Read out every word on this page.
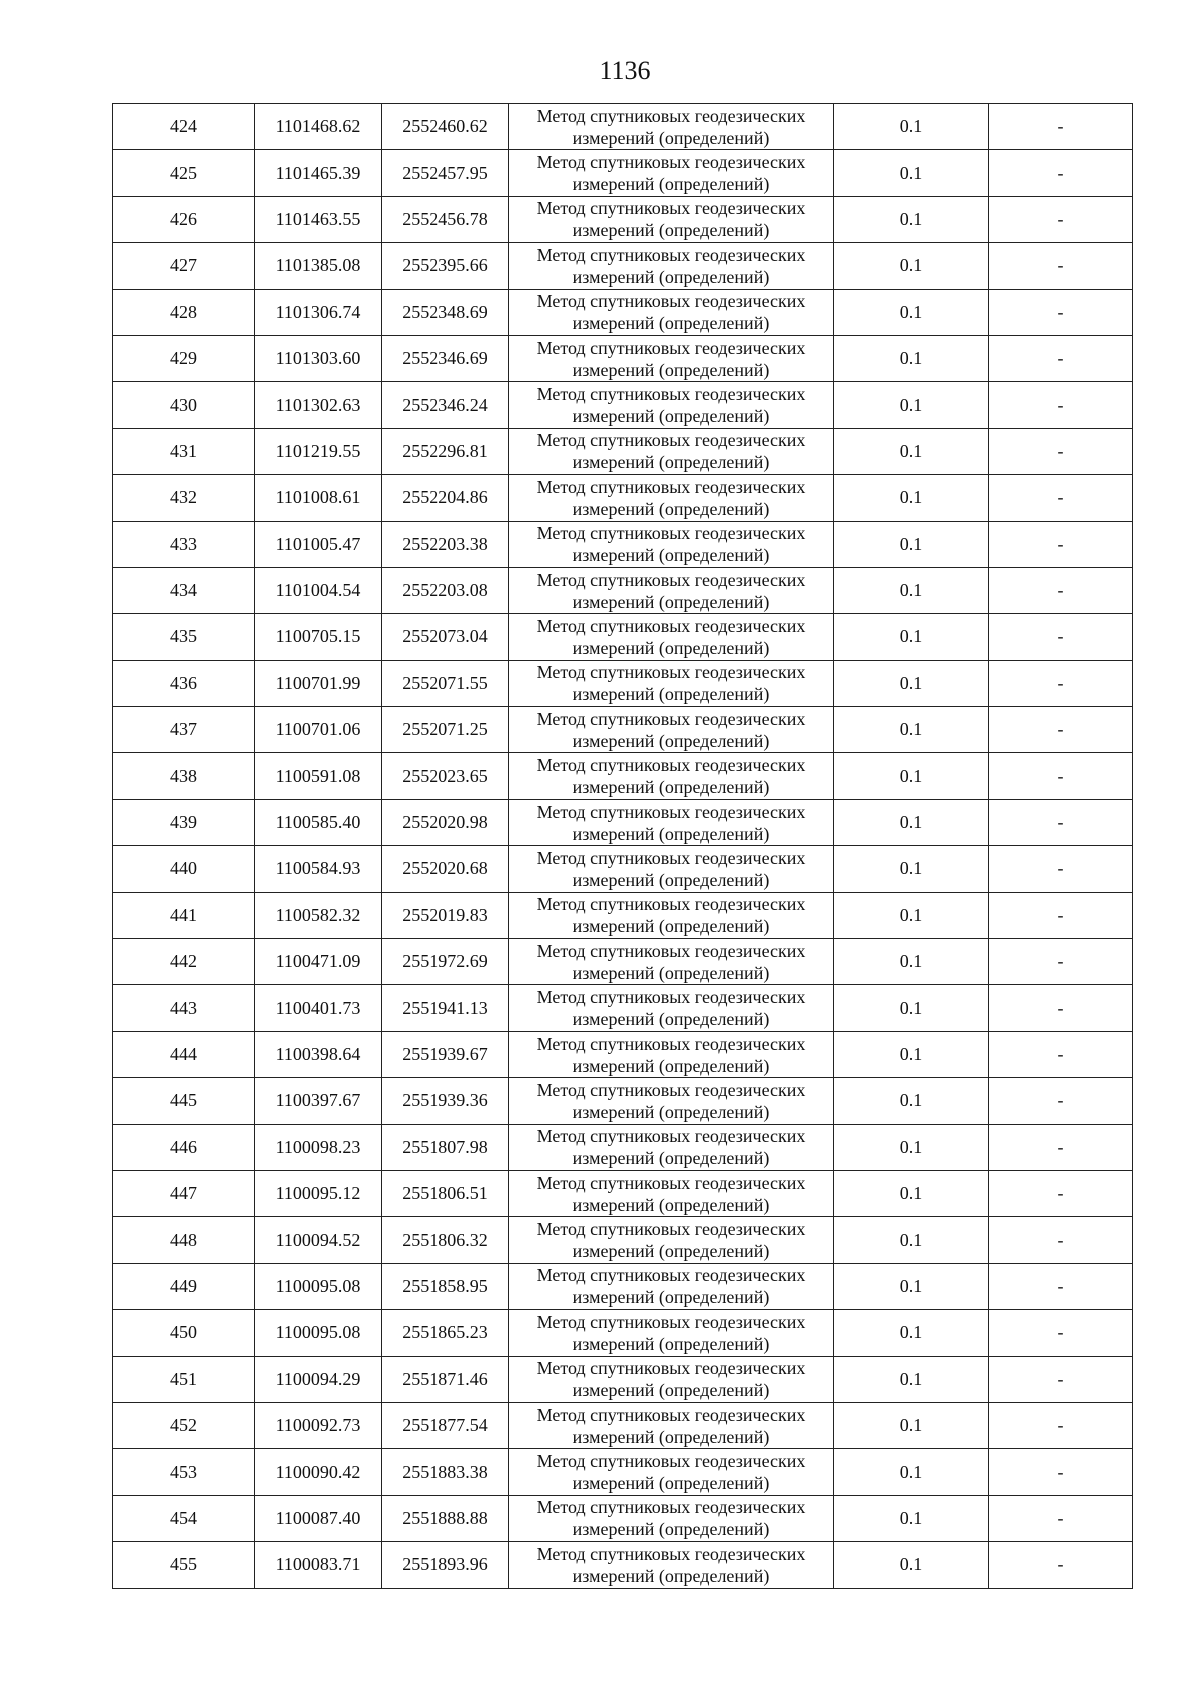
1136
424	1101468.62	2552460.62	Метод спутниковых геодезических
измерений (определений)	0.1	-
425	1101465.39	2552457.95	Метод спутниковых геодезических
измерений (определений)	0.1	-
426	1101463.55	2552456.78	Метод спутниковых геодезических
измерений (определений)	0.1	-
427	1101385.08	2552395.66	Метод спутниковых геодезических
измерений (определений)	0.1	-
428	1101306.74	2552348.69	Метод спутниковых геодезических
измерений (определений)	0.1	-
429	1101303.60	2552346.69	Метод спутниковых геодезических
измерений (определений)	0.1	-
430	1101302.63	2552346.24	Метод спутниковых геодезических
измерений (определений)	0.1	-
431	1101219.55	2552296.81	Метод спутниковых геодезических
измерений (определений)	0.1	-
432	1101008.61	2552204.86	Метод спутниковых геодезических
измерений (определений)	0.1	-
433	1101005.47	2552203.38	Метод спутниковых геодезических
измерений (определений)	0.1	-
434	1101004.54	2552203.08	Метод спутниковых геодезических
измерений (определений)	0.1	-
435	1100705.15	2552073.04	Метод спутниковых геодезических
измерений (определений)	0.1	-
436	1100701.99	2552071.55	Метод спутниковых геодезических
измерений (определений)	0.1	-
437	1100701.06	2552071.25	Метод спутниковых геодезических
измерений (определений)	0.1	-
438	1100591.08	2552023.65	Метод спутниковых геодезических
измерений (определений)	0.1	-
439	1100585.40	2552020.98	Метод спутниковых геодезических
измерений (определений)	0.1	-
440	1100584.93	2552020.68	Метод спутниковых геодезических
измерений (определений)	0.1	-
441	1100582.32	2552019.83	Метод спутниковых геодезических
измерений (определений)	0.1	-
442	1100471.09	2551972.69	Метод спутниковых геодезических
измерений (определений)	0.1	-
443	1100401.73	2551941.13	Метод спутниковых геодезических
измерений (определений)	0.1	-
444	1100398.64	2551939.67	Метод спутниковых геодезических
измерений (определений)	0.1	-
445	1100397.67	2551939.36	Метод спутниковых геодезических
измерений (определений)	0.1	-
446	1100098.23	2551807.98	Метод спутниковых геодезических
измерений (определений)	0.1	-
447	1100095.12	2551806.51	Метод спутниковых геодезических
измерений (определений)	0.1	-
448	1100094.52	2551806.32	Метод спутниковых геодезических
измерений (определений)	0.1	-
449	1100095.08	2551858.95	Метод спутниковых геодезических
измерений (определений)	0.1	-
450	1100095.08	2551865.23	Метод спутниковых геодезических
измерений (определений)	0.1	-
451	1100094.29	2551871.46	Метод спутниковых геодезических
измерений (определений)	0.1	-
452	1100092.73	2551877.54	Метод спутниковых геодезических
измерений (определений)	0.1	-
453	1100090.42	2551883.38	Метод спутниковых геодезических
измерений (определений)	0.1	-
454	1100087.40	2551888.88	Метод спутниковых геодезических
измерений (определений)	0.1	-
455	1100083.71	2551893.96	Метод спутниковых геодезических
измерений (определений)	0.1	-
